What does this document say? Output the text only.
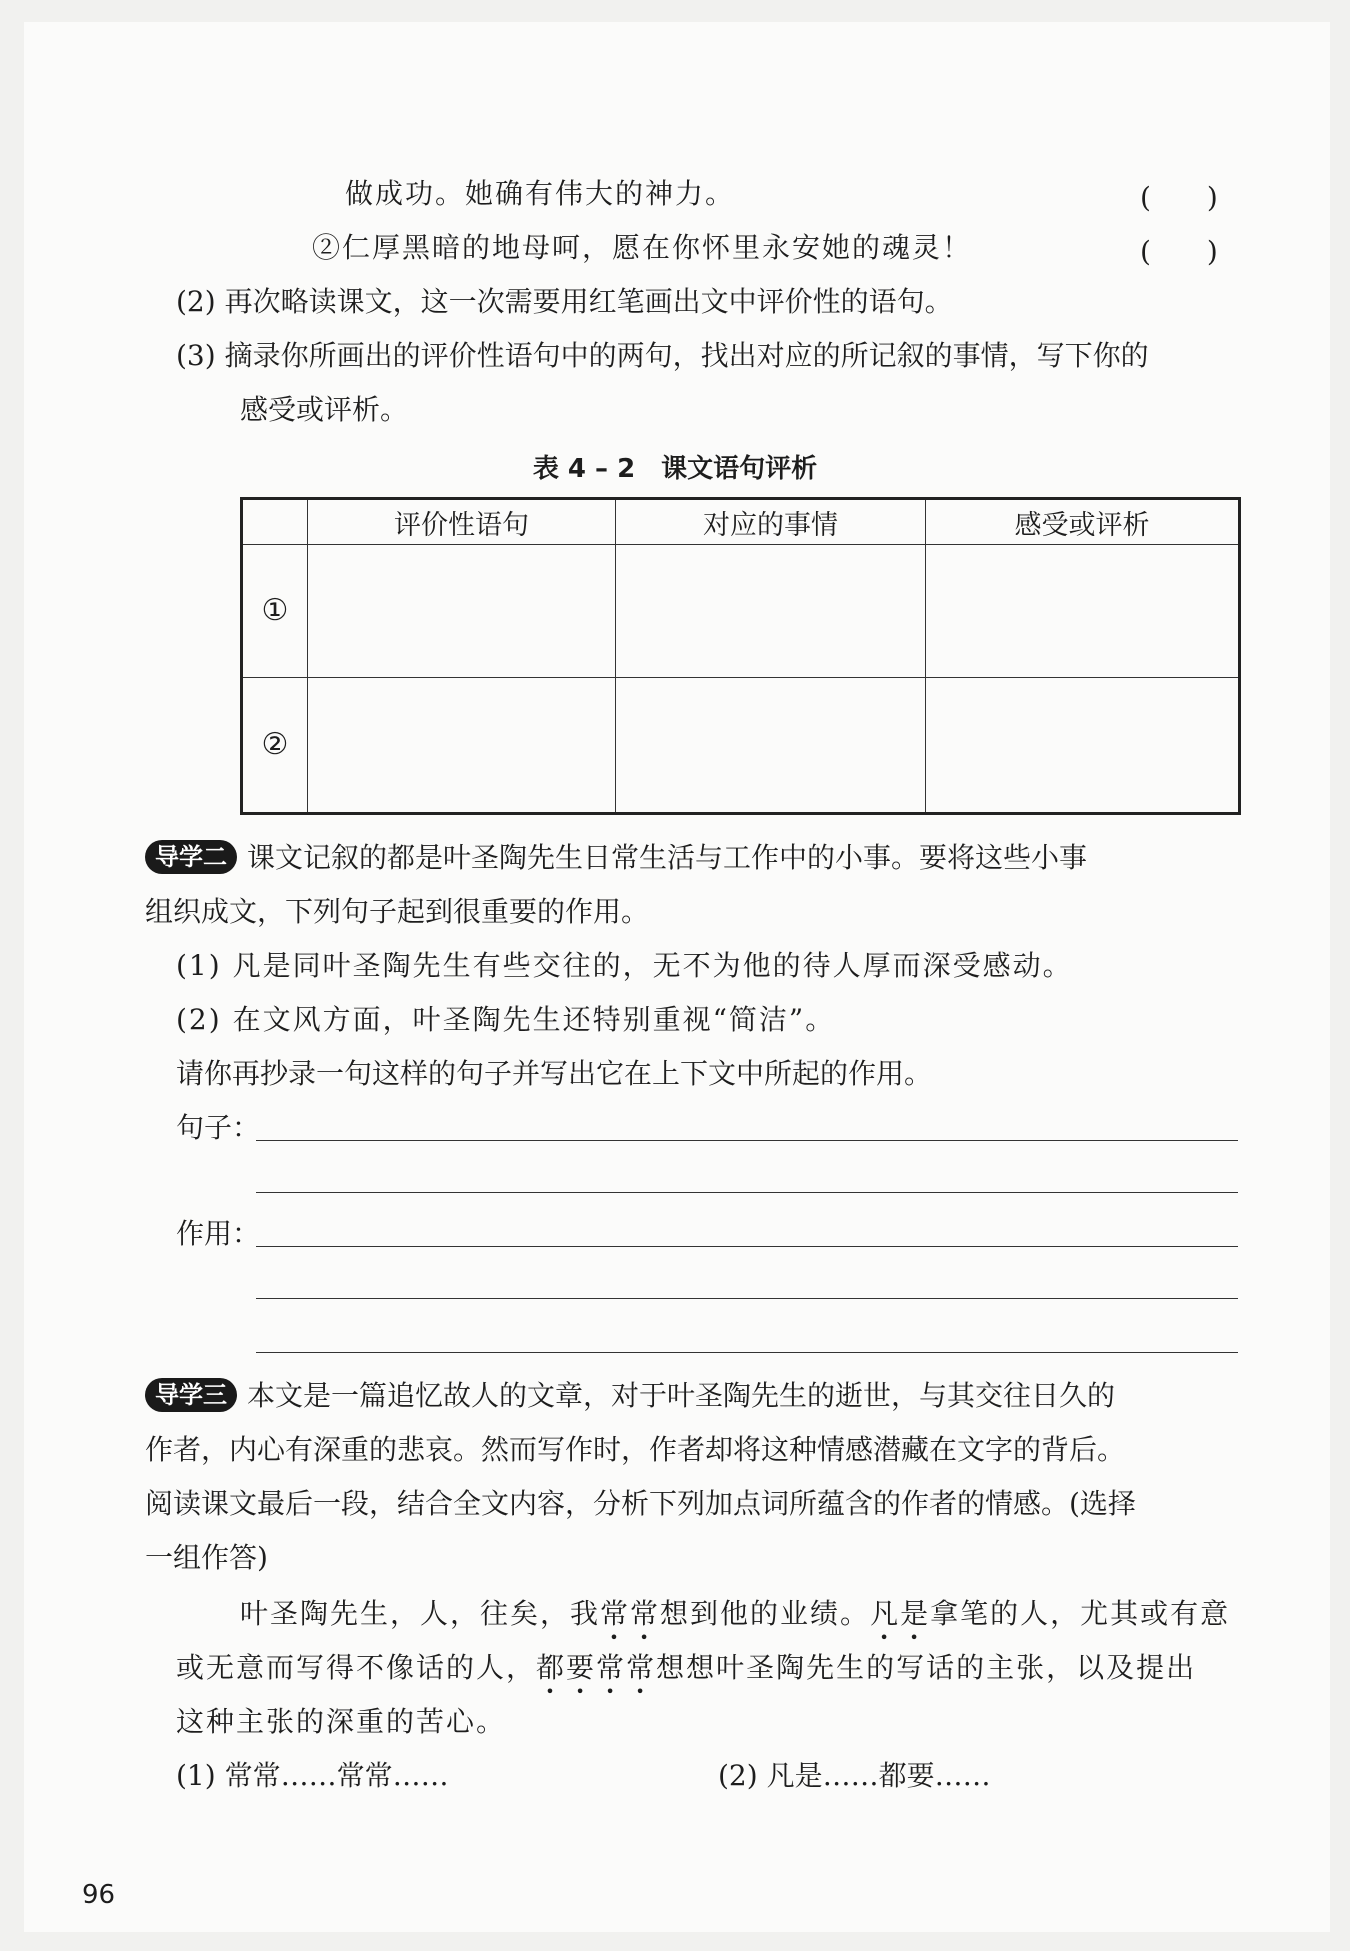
做成功。她确有伟大的神力。	(　　)
②仁厚黑暗的地母呵，愿在你怀里永安她的魂灵！	(　　)
(2) 再次略读课文，这一次需要用红笔画出文中评价性的语句。
(3) 摘录你所画出的评价性语句中的两句，找出对应的所记叙的事情，写下你的
感受或评析。
表 4 – 2　课文语句评析
	评价性语句	对应的事情	感受或评析
①			
②			
导学二 课文记叙的都是叶圣陶先生日常生活与工作中的小事。要将这些小事
组织成文，下列句子起到很重要的作用。
(1) 凡是同叶圣陶先生有些交往的，无不为他的待人厚而深受感动。
(2) 在文风方面，叶圣陶先生还特别重视“简洁”。
请你再抄录一句这样的句子并写出它在上下文中所起的作用。
句子：
作用：
导学三 本文是一篇追忆故人的文章，对于叶圣陶先生的逝世，与其交往日久的
作者，内心有深重的悲哀。然而写作时，作者却将这种情感潜藏在文字的背后。
阅读课文最后一段，结合全文内容，分析下列加点词所蕴含的作者的情感。(选择
一组作答)
叶圣陶先生，人，往矣，我常常想到他的业绩。凡是拿笔的人，尤其或有意
或无意而写得不像话的人，都要常常想想叶圣陶先生的写话的主张，以及提出
这种主张的深重的苦心。
(1) 常常……常常……	(2) 凡是……都要……
96
